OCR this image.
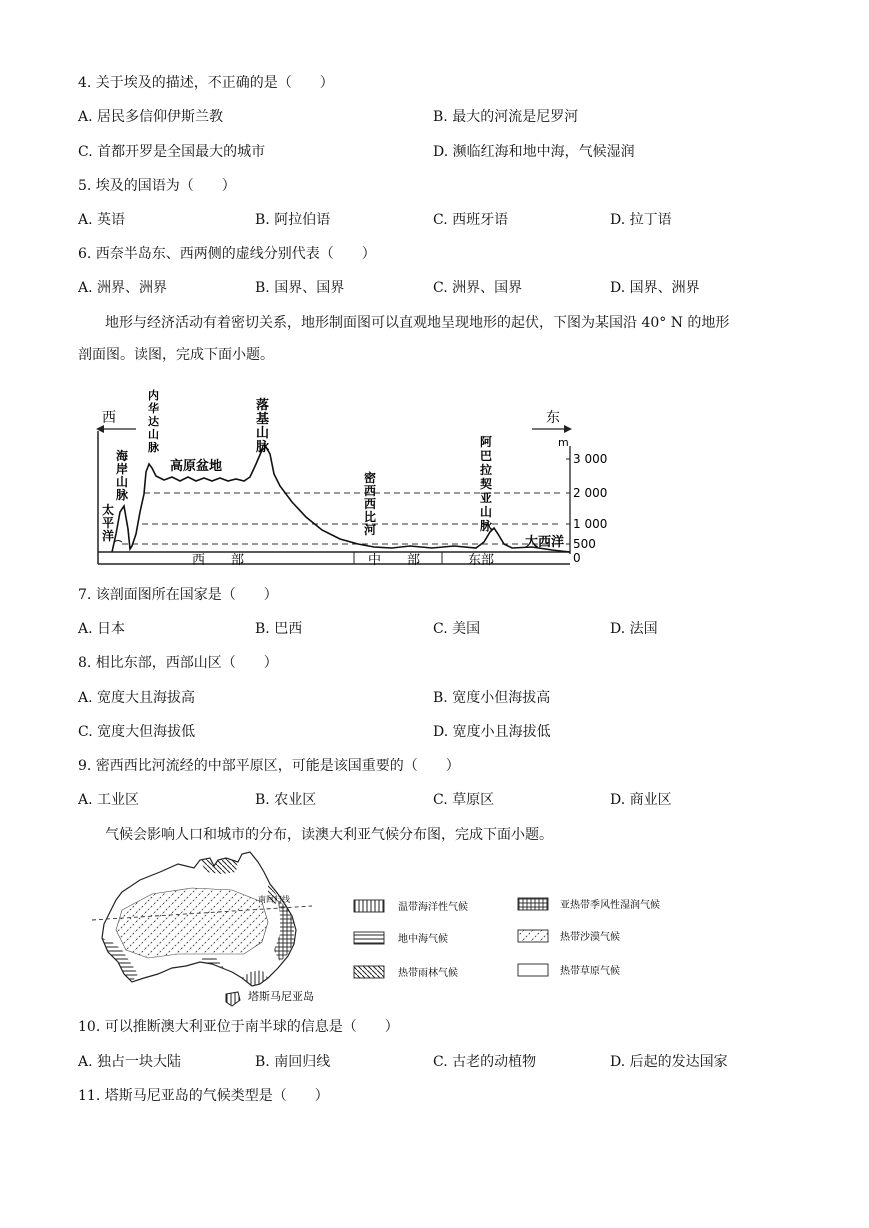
4. 关于埃及的描述，不正确的是（　　）
A. 居民多信仰伊斯兰教	B. 最大的河流是尼罗河
C. 首都开罗是全国最大的城市	D. 濒临红海和地中海，气候湿润
5. 埃及的国语为（　　）
A. 英语	B. 阿拉伯语	C. 西班牙语	D. 拉丁语
6. 西奈半岛东、西两侧的虚线分别代表（　　）
A. 洲界、洲界	B. 国界、国界	C. 洲界、国界	D. 国界、洲界
地形与经济活动有着密切关系，地形制面图可以直观地呈现地形的起伏，下图为某国沿 40° N 的地形
剖面图。读图，完成下面小题。
西	东
m
3 000
2 000
1 000
500
0
太平洋
海岸山脉
内华达山脉
高原盆地
落基山脉
密西西比河
阿巴拉契亚山脉
大西洋
西　　部	中　　部	东部
7. 该剖面图所在国家是（　　）
A. 日本	B. 巴西	C. 美国	D. 法国
8. 相比东部，西部山区（　　）
A. 宽度大且海拔高	B. 宽度小但海拔高
C. 宽度大但海拔低	D. 宽度小且海拔低
9. 密西西比河流经的中部平原区，可能是该国重要的（　　）
A. 工业区	B. 农业区	C. 草原区	D. 商业区
气候会影响人口和城市的分布，读澳大利亚气候分布图，完成下面小题。
南回归线
塔斯马尼亚岛
温带海洋性气候	亚热带季风性湿润气候
地中海气候	热带沙漠气候
热带雨林气候	热带草原气候
10. 可以推断澳大利亚位于南半球的信息是（　　）
A. 独占一块大陆	B. 南回归线	C. 古老的动植物	D. 后起的发达国家
11. 塔斯马尼亚岛的气候类型是（　　）
